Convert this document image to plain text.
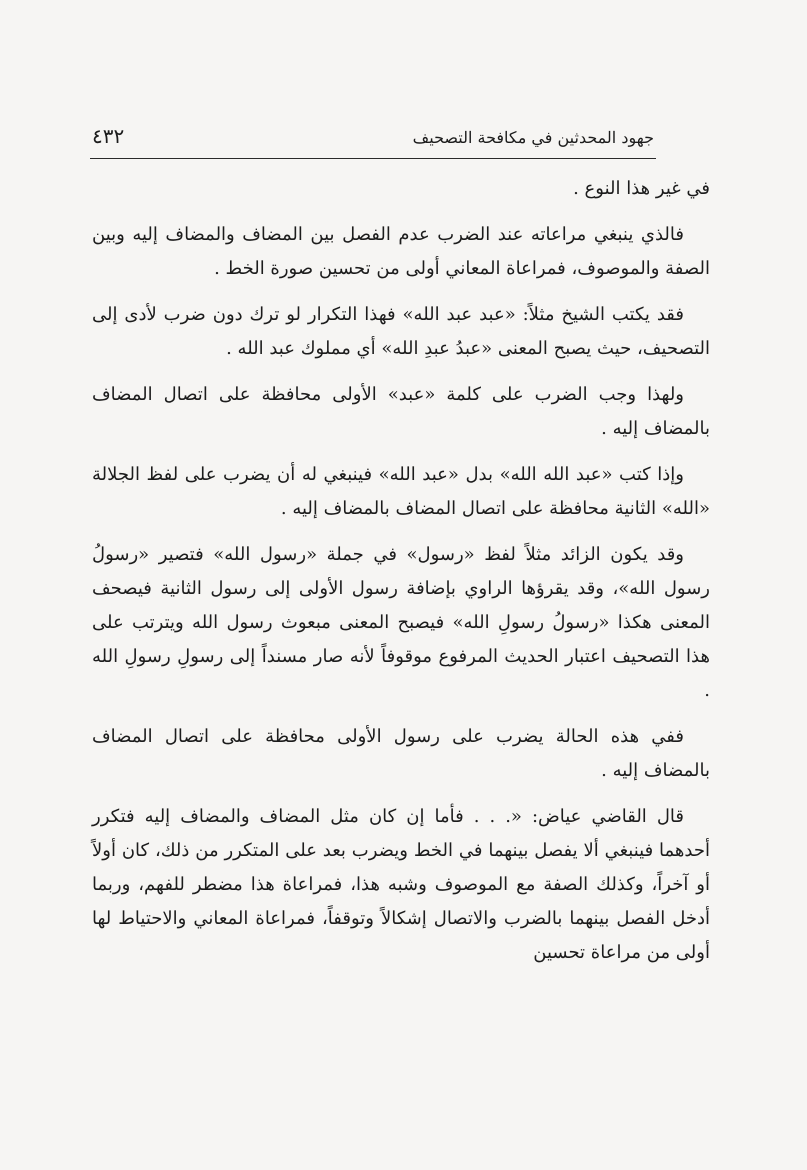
جهود المحدثين في مكافحة التصحيف
٤٣٢

في غير هذا النوع .

فالذي ينبغي مراعاته عند الضرب عدم الفصل بين المضاف والمضاف إليه وبين الصفة والموصوف، فمراعاة المعاني أولى من تحسين صورة الخط .

فقد يكتب الشيخ مثلاً: «عبد عبد الله» فهذا التكرار لو ترك دون ضرب لأدى إلى التصحيف، حيث يصبح المعنى «عبدُ عبدِ الله» أي مملوك عبد الله .

ولهذا وجب الضرب على كلمة «عبد» الأولى محافظة على اتصال المضاف بالمضاف إليه .

وإذا كتب «عبد الله الله» بدل «عبد الله» فينبغي له أن يضرب على لفظ الجلالة «الله» الثانية محافظة على اتصال المضاف بالمضاف إليه .

وقد يكون الزائد مثلاً لفظ «رسول» في جملة «رسول الله» فتصير «رسولُ رسول الله»، وقد يقرؤها الراوي بإضافة رسول الأولى إلى رسول الثانية فيصحف المعنى هكذا «رسولُ رسولِ الله» فيصبح المعنى مبعوث رسول الله ويترتب على هذا التصحيف اعتبار الحديث المرفوع موقوفاً لأنه صار مسنداً إلى رسولِ رسولِ الله .

ففي هذه الحالة يضرب على رسول الأولى محافظة على اتصال المضاف بالمضاف إليه .

قال القاضي عياض: «. . . فأما إن كان مثل المضاف والمضاف إليه فتكرر أحدهما فينبغي ألا يفصل بينهما في الخط ويضرب بعد على المتكرر من ذلك، كان أولاً أو آخراً، وكذلك الصفة مع الموصوف وشبه هذا، فمراعاة هذا مضطر للفهم، وربما أدخل الفصل بينهما بالضرب والاتصال إشكالاً وتوقفاً، فمراعاة المعاني والاحتياط لها أولى من مراعاة تحسين
